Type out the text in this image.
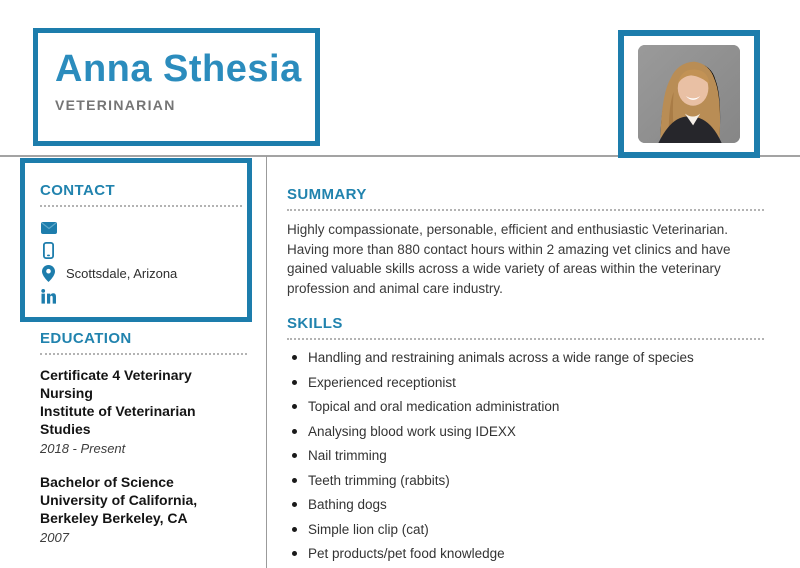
Anna Sthesia
VETERINARIAN
CONTACT
Scottsdale, Arizona
EDUCATION
Certificate 4 Veterinary Nursing
Institute of Veterinarian Studies
2018 - Present
Bachelor of Science
University of California, Berkeley Berkeley, CA
2007
SUMMARY

Highly compassionate, personable, efficient and enthusiastic Veterinarian. Having more than 880 contact hours within 2 amazing vet clinics and have gained valuable skills across a wide variety of areas within the veterinary profession and animal care industry.

SKILLS
Handling and restraining animals across a wide range of species
Experienced receptionist
Topical and oral medication administration
Analysing blood work using IDEXX
Nail trimming
Teeth trimming (rabbits)
Bathing dogs
Simple lion clip (cat)
Pet products/pet food knowledge
